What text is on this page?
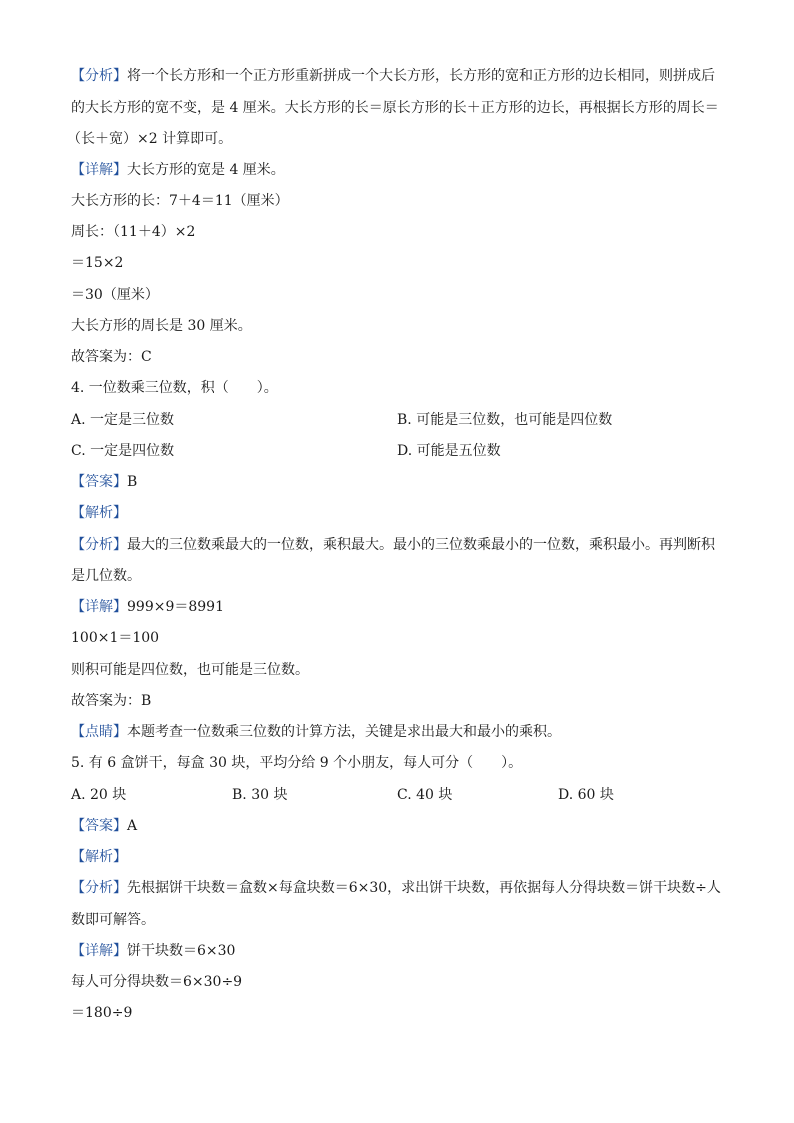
【分析】将一个长方形和一个正方形重新拼成一个大长方形，长方形的宽和正方形的边长相同，则拼成后
的大长方形的宽不变，是 4 厘米。大长方形的长＝原长方形的长＋正方形的边长，再根据长方形的周长＝
（长＋宽）×2 计算即可。
【详解】大长方形的宽是 4 厘米。
大长方形的长：7＋4＝11（厘米）
周长：（11＋4）×2
＝15×2
＝30（厘米）
大长方形的周长是 30 厘米。
故答案为：C
4. 一位数乘三位数，积（　　）。
A. 一定是三位数	B. 可能是三位数，也可能是四位数
C. 一定是四位数	D. 可能是五位数
【答案】B
【解析】
【分析】最大的三位数乘最大的一位数，乘积最大。最小的三位数乘最小的一位数，乘积最小。再判断积
是几位数。
【详解】999×9＝8991
100×1＝100
则积可能是四位数，也可能是三位数。
故答案为：B
【点睛】本题考查一位数乘三位数的计算方法，关键是求出最大和最小的乘积。
5. 有 6 盒饼干，每盒 30 块，平均分给 9 个小朋友，每人可分（　　）。
A. 20 块	B. 30 块	C. 40 块	D. 60 块
【答案】A
【解析】
【分析】先根据饼干块数＝盒数×每盒块数＝6×30，求出饼干块数，再依据每人分得块数＝饼干块数÷人
数即可解答。
【详解】饼干块数＝6×30
每人可分得块数＝6×30÷9
＝180÷9
